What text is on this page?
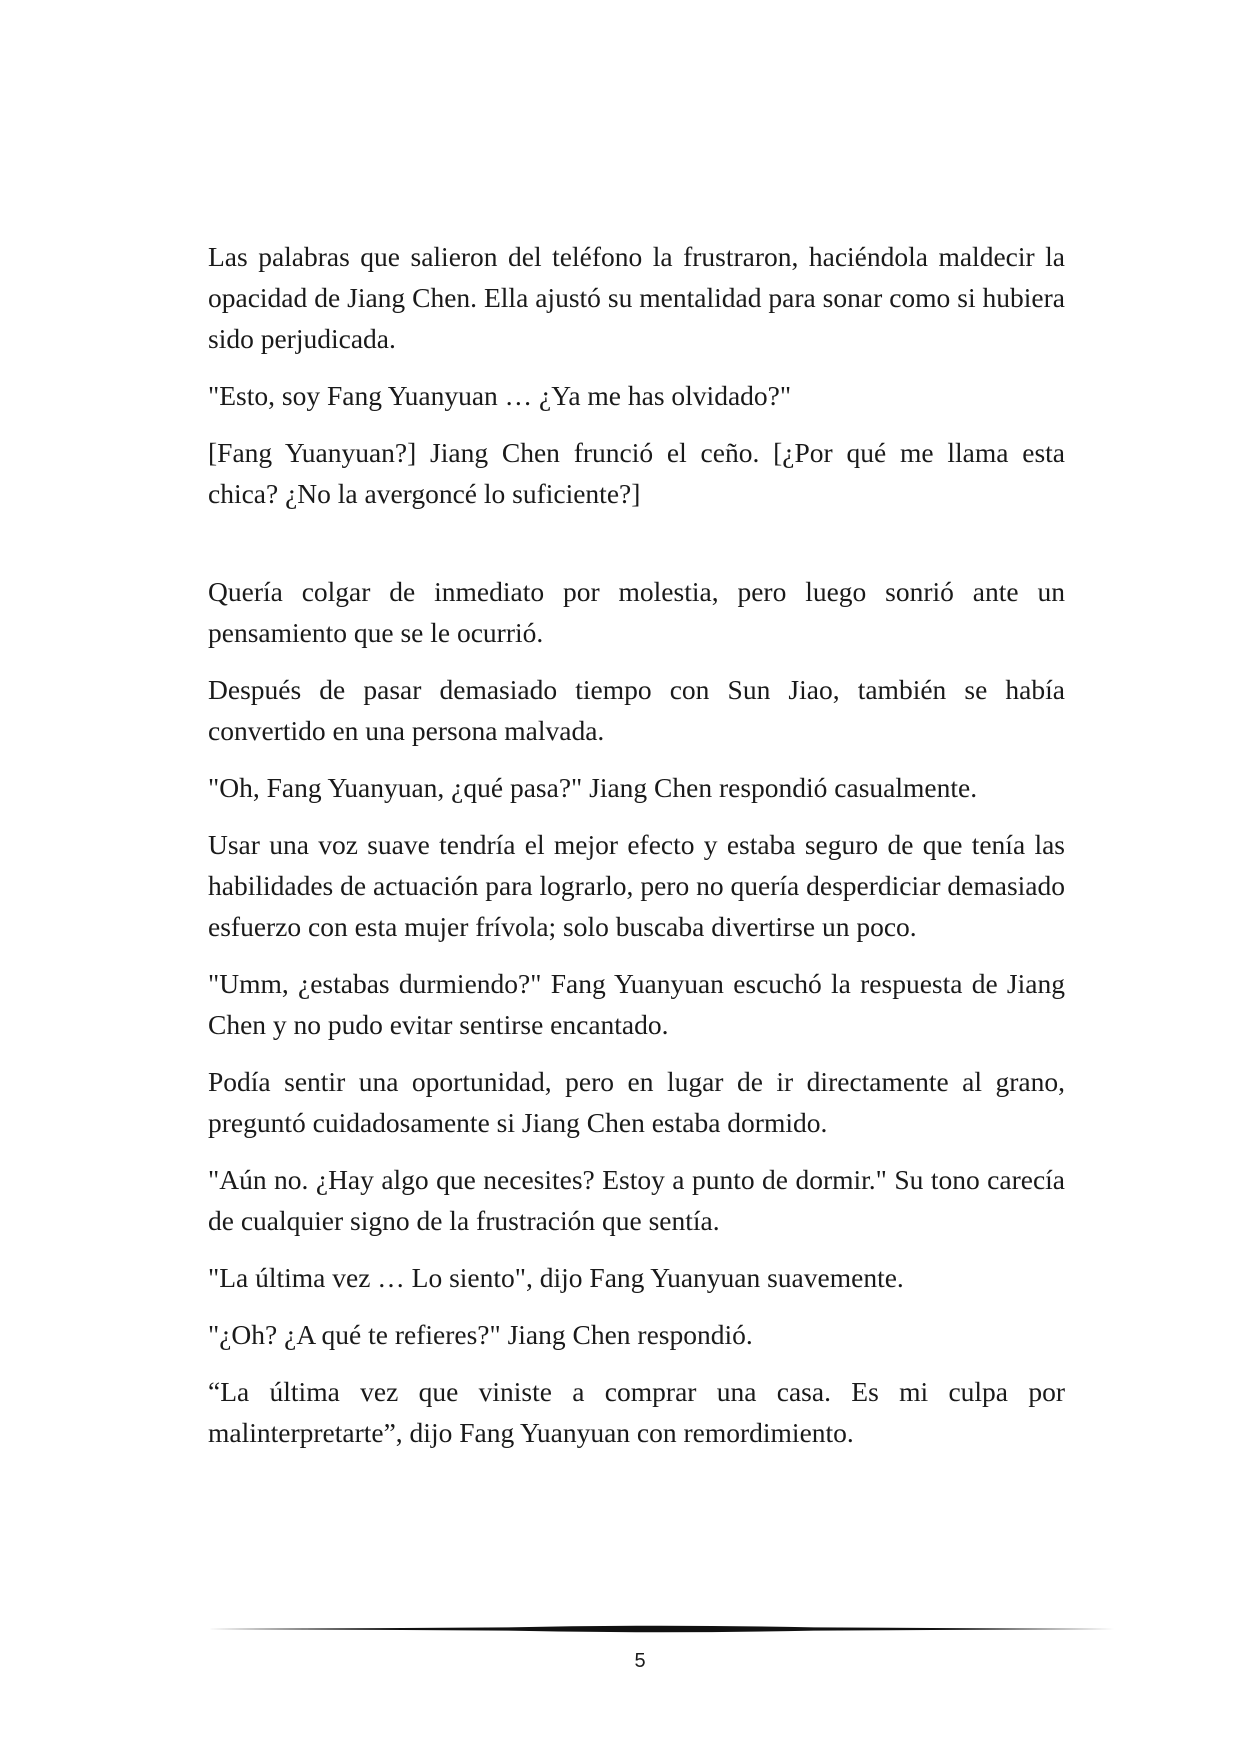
Las palabras que salieron del teléfono la frustraron, haciéndola maldecir la opacidad de Jiang Chen. Ella ajustó su mentalidad para sonar como si hubiera sido perjudicada.

"Esto, soy Fang Yuanyuan … ¿Ya me has olvidado?"

[Fang Yuanyuan?] Jiang Chen frunció el ceño. [¿Por qué me llama esta chica? ¿No la avergoncé lo suficiente?]

Quería colgar de inmediato por molestia, pero luego sonrió ante un pensamiento que se le ocurrió.

Después de pasar demasiado tiempo con Sun Jiao, también se había convertido en una persona malvada.

"Oh, Fang Yuanyuan, ¿qué pasa?" Jiang Chen respondió casualmente.

Usar una voz suave tendría el mejor efecto y estaba seguro de que tenía las habilidades de actuación para lograrlo, pero no quería desperdiciar demasiado esfuerzo con esta mujer frívola; solo buscaba divertirse un poco.

"Umm, ¿estabas durmiendo?" Fang Yuanyuan escuchó la respuesta de Jiang Chen y no pudo evitar sentirse encantado.

Podía sentir una oportunidad, pero en lugar de ir directamente al grano, preguntó cuidadosamente si Jiang Chen estaba dormido.

"Aún no. ¿Hay algo que necesites? Estoy a punto de dormir." Su tono carecía de cualquier signo de la frustración que sentía.

"La última vez … Lo siento", dijo Fang Yuanyuan suavemente.

"¿Oh? ¿A qué te refieres?" Jiang Chen respondió.

“La última vez que viniste a comprar una casa. Es mi culpa por malinterpretarte”, dijo Fang Yuanyuan con remordimiento.

5
